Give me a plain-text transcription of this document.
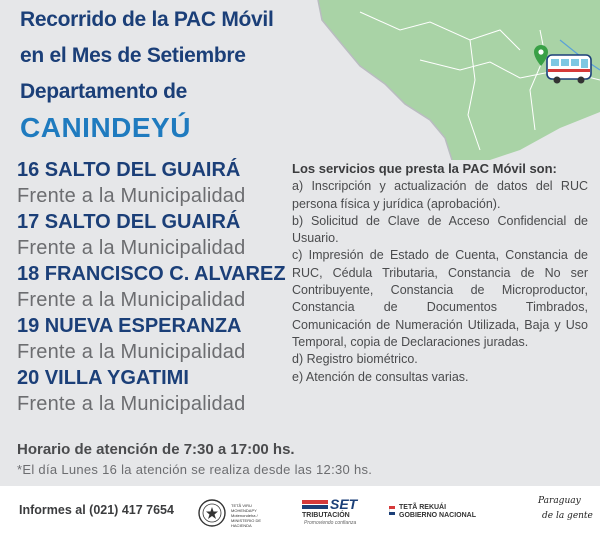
Recorrido de la PAC Móvil
en el Mes de Setiembre
Departamento de
CANINDEYÚ
16 SALTO DEL GUAIRÁ
Frente a la Municipalidad
17 SALTO DEL GUAIRÁ
Frente a la Municipalidad
18 FRANCISCO C. ALVAREZ
Frente a la Municipalidad
19 NUEVA ESPERANZA
Frente a la Municipalidad
20 VILLA YGATIMI
Frente a la Municipalidad
Los servicios que presta la PAC Móvil son:
a) Inscripción y actualización de datos del RUC persona física y jurídica (aprobación).
b) Solicitud de Clave de Acceso Confidencial de Usuario.
c) Impresión de Estado de Cuenta, Constancia de RUC, Cédula Tributaria, Constancia de No ser Contribuyente, Constancia de Microproductor, Constancia de Documentos Timbrados, Comunicación de Numeración Utilizada, Baja y Uso Temporal, copia de Declaraciones juradas.
d) Registro biométrico.
e) Atención de consultas varias.
Horario de atención de 7:30 a 17:00 hs.
*El día Lunes 16 la atención se realiza desde las 12:30 hs.
Informes al (021) 417 7654	TETÃ VIRU MOHENDAPY Motenondeha / MINISTERIO DE HACIENDA
SET
TRIBUTACIÓN
Promoviendo confianza
TETÃ REKUÁI
GOBIERNO NACIONAL
Paraguay
de la gente
